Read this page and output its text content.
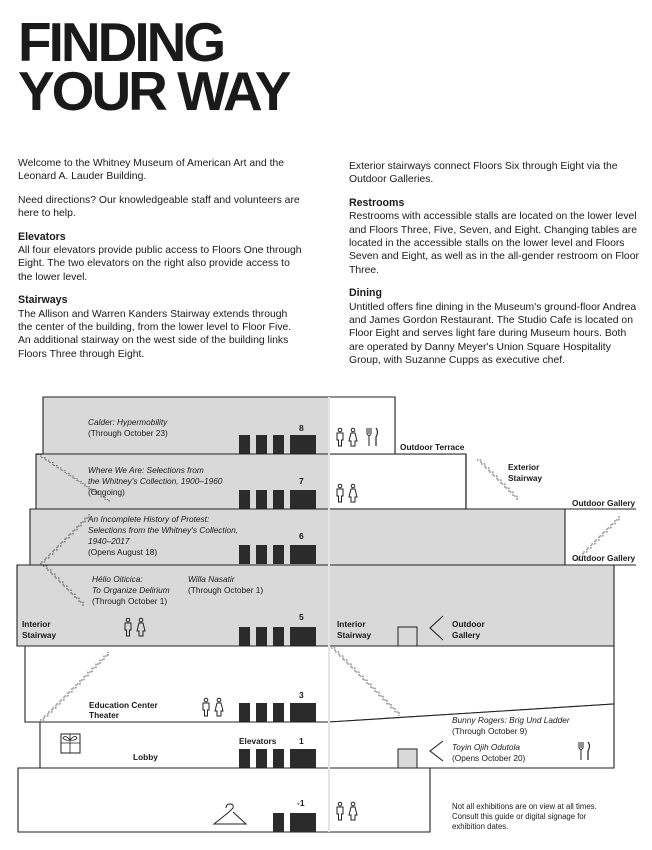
FINDING
YOUR WAY

Welcome to the Whitney Museum of American Art and the Leonard A. Lauder Building.

Need directions? Our knowledgeable staff and volunteers are here to help.

Elevators
All four elevators provide public access to Floors One through Eight. The two elevators on the right also provide access to the lower level.
Stairways
The Allison and Warren Kanders Stairway extends through the center of the building, from the lower level to Floor Five. An additional stairway on the west side of the building links Floors Three through Eight.

Exterior stairways connect Floors Six through Eight via the Outdoor Galleries.

Restrooms
Restrooms with accessible stalls are located on the lower level and Floors Three, Five, Seven, and Eight. Changing tables are located in the accessible stalls on the lower level and Floors Seven and Eight, as well as in the all-gender restroom on Floor Three.
Dining
Untitled offers fine dining in the Museum's ground-floor Andrea and James Gordon Restaurant. The Studio Cafe is located on Floor Eight and serves light fare during Museum hours. Both are operated by Danny Meyer's Union Square Hospitality Group, with Suzanne Cupps as executive chef.
Calder: Hypermobility
(Through October 23)	8
Outdoor Terrace
Where We Are: Selections from
the Whitney's Collection, 1900–1960
(Ongoing)
7
Exterior
Stairway
Outdoor Gallery
An Incomplete History of Protest:
Selections from the Whitney's Collection,
1940–2017
(Opens August 18)
6
Outdoor Gallery
Hélio Oiticica:
To Organize Delirium
(Through October 1)
Willa Nasatir
(Through October 1)
Interior
Stairway
5
Interior
Stairway
Outdoor
Gallery
Education Center
Theater
3
Lobby
Elevators	1
Bunny Rogers: Brig Und Ladder
(Through October 9)
Toyin Ojih Odutola
(Opens October 20)
-1	Not all exhibitions are on view at all times.
Consult this guide or digital signage for
exhibition dates.
